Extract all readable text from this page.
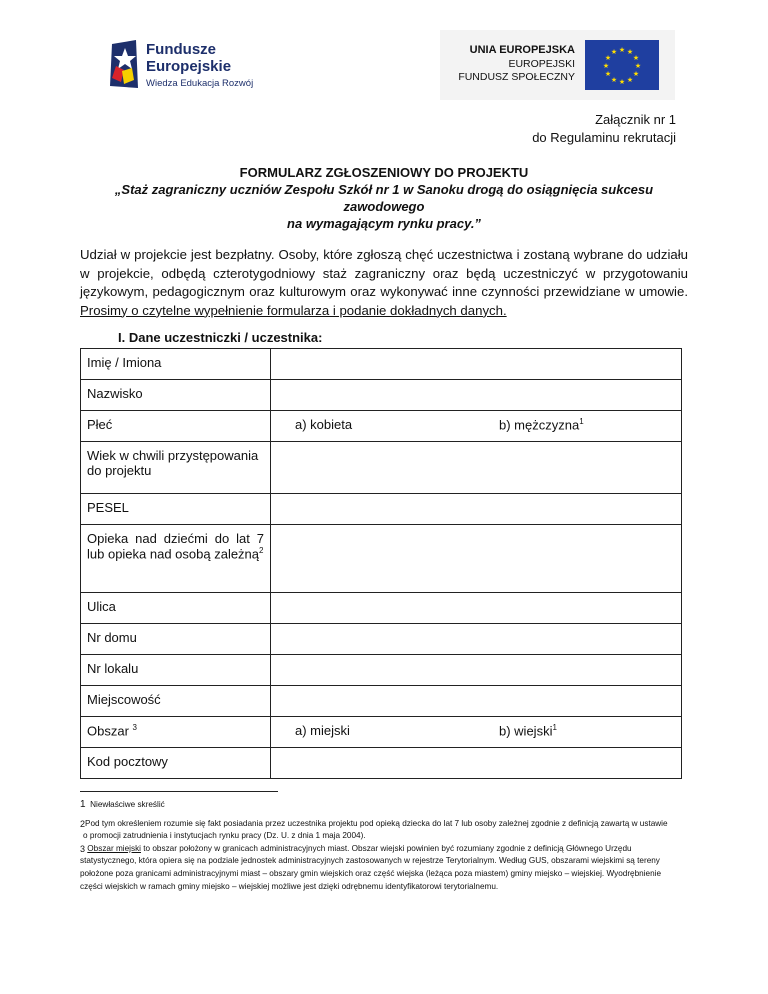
Fundusze
Europejskie
Wiedza Edukacja Rozwój
UNIA EUROPEJSKA
EUROPEJSKI
FUNDUSZ SPOŁECZNY
★ ★
★
★
★
★
★
★
★
★
★
★
Załącznik nr 1
do Regulaminu rekrutacji
FORMULARZ ZGŁOSZENIOWY DO PROJEKTU
„Staż zagraniczny uczniów Zespołu Szkół nr 1 w Sanoku drogą do osiągnięcia sukcesu zawodowego
na wymagającym rynku pracy.”
Udział w projekcie jest bezpłatny. Osoby, które zgłoszą chęć uczestnictwa i zostaną wybrane do udziału w projekcie, odbędą czterotygodniowy staż zagraniczny oraz będą uczestniczyć w przygotowaniu językowym, pedagogicznym oraz kulturowym oraz wykonywać inne czynności przewidziane w umowie. Prosimy o czytelne wypełnienie formularza i podanie dokładnych danych.
I. Dane uczestniczki / uczestnika:
Imię / Imiona	
Nazwisko	
Płeć	a) kobieta b) mężczyzna$^1$

Wiek w chwili przystępowania do projektu	
PESEL	
Opieka nad dziećmi do lat 7 lub opieka nad osobą zależną$^2$	
Ulica	
Nr domu	
Nr lokalu	
Miejscowość	
Obszar $^3$	a) miejski b) wiejski$^1$

Kod pocztowy	

1 Niewłaściwe skreślić

2Pod tym określeniem rozumie się fakt posiadania przez uczestnika projektu pod opieką dziecka do lat 7 lub osoby zależnej zgodnie z definicją zawartą w ustawie

o promocji zatrudnienia i instytucjach rynku pracy (Dz. U. z dnia 1 maja 2004).

3 Obszar miejski to obszar położony w granicach administracyjnych miast. Obszar wiejski powinien być rozumiany zgodnie z definicją Głównego Urzędu statystycznego, która opiera się na podziale jednostek administracyjnych zastosowanych w rejestrze Terytorialnym. Według GUS, obszarami wiejskimi są tereny położone poza granicami administracyjnymi miast – obszary gmin wiejskich oraz część wiejska (leżąca poza miastem) gminy miejsko – wiejskiej. Wyodrębnienie części wiejskich w ramach gminy miejsko – wiejskiej możliwe jest dzięki odrębnemu identyfikatorowi terytorialnemu.
